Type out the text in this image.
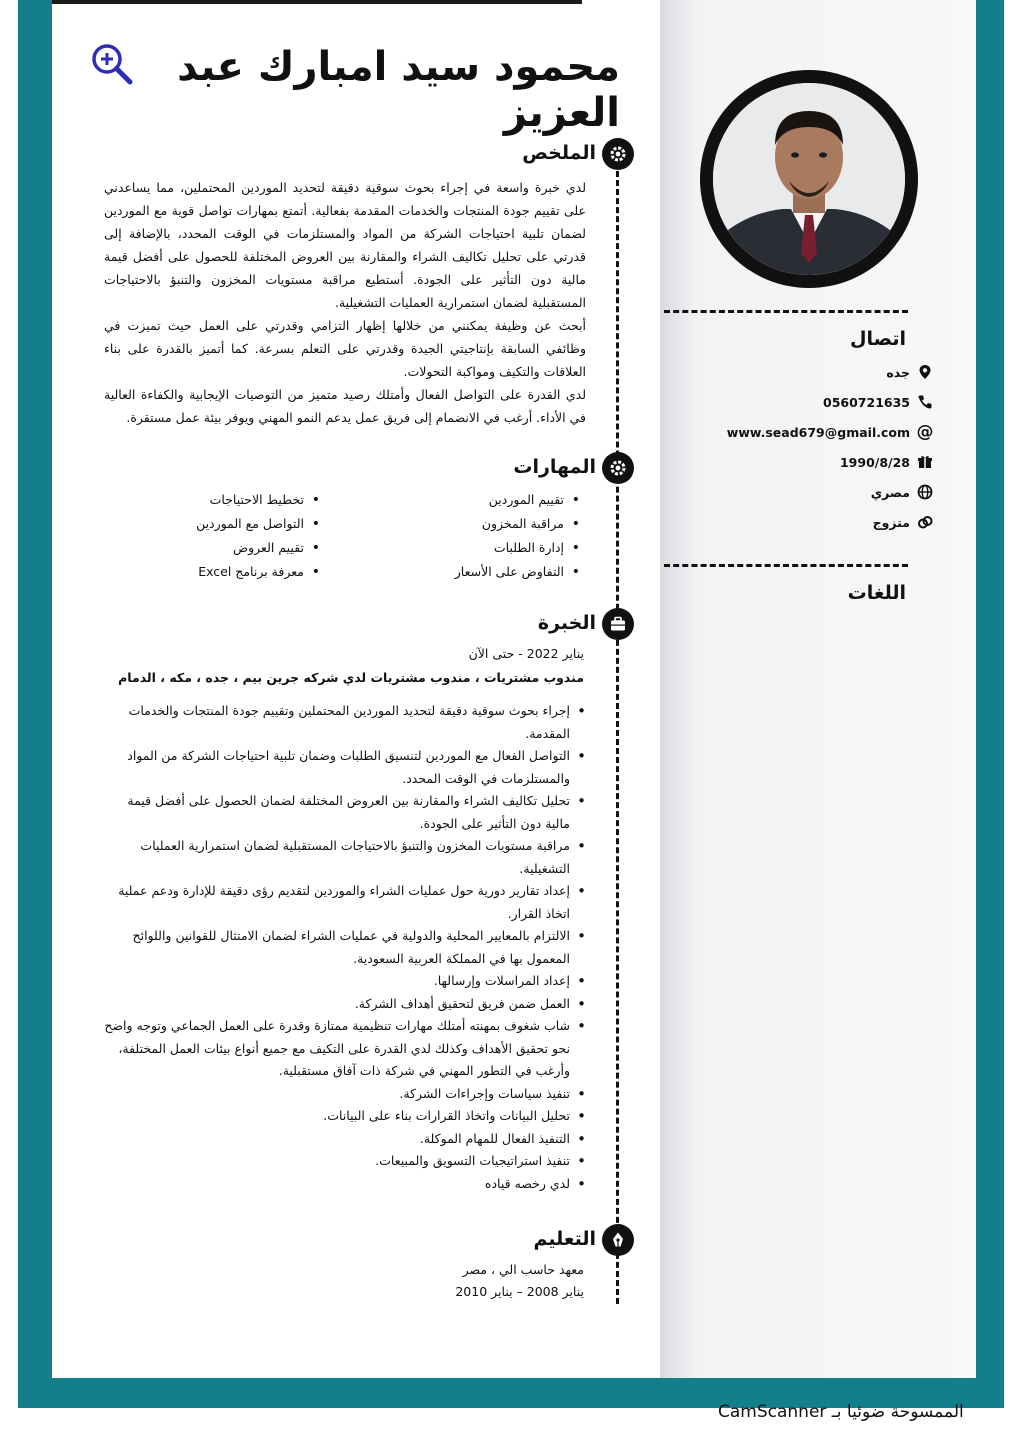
اتصال
جده
0560721635
@
www.sead679@gmail.com
1990/8/28
مصري
متزوج
اللغات
محمود سيد امبارك عبد العزيز
الملخص
لدي خبرة واسعة في إجراء بحوث سوقية دقيقة لتحديد الموردين المحتملين، مما يساعدني على تقييم جودة المنتجات والخدمات المقدمة بفعالية. أتمتع بمهارات تواصل قوية مع الموردين لضمان تلبية احتياجات الشركة من المواد والمستلزمات في الوقت المحدد، بالإضافة إلى قدرتي على تحليل تكاليف الشراء والمقارنة بين العروض المختلفة للحصول على أفضل قيمة مالية دون التأثير على الجودة. أستطيع مراقبة مستويات المخزون والتنبؤ بالاحتياجات المستقبلية لضمان استمرارية العمليات التشغيلية.
أبحث عن وظيفة يمكنني من خلالها إظهار التزامي وقدرتي على العمل حيث تميزت في وظائفي السابقة بإنتاجيتي الجيدة وقدرتي على التعلم بسرعة. كما أتميز بالقدرة على بناء العلاقات والتكيف ومواكبة التحولات.
لدي القدرة على التواصل الفعال وأمتلك رصيد متميز من التوصيات الإيجابية والكفاءة العالية في الأداء. أرغب في الانضمام إلى فريق عمل يدعم النمو المهني ويوفر بيئة عمل مستقرة.
المهارات
• تقييم الموردين
• مراقبة المخزون
• إدارة الطلبات
• التفاوض على الأسعار
• تخطيط الاحتياجات
• التواصل مع الموردين
• تقييم العروض
• معرفة برنامج Excel
الخبرة
يناير 2022 - حتى الآن
مندوب مشتريات ، مندوب مشتريات لدي شركه جرين بيم ، جده ، مكه ، الدمام
• إجراء بحوث سوقية دقيقة لتحديد الموردين المحتملين وتقييم جودة المنتجات والخدمات المقدمة.
• التواصل الفعال مع الموردين لتنسيق الطلبات وضمان تلبية احتياجات الشركة من المواد والمستلزمات في الوقت المحدد.
• تحليل تكاليف الشراء والمقارنة بين العروض المختلفة لضمان الحصول على أفضل قيمة مالية دون التأثير على الجودة.
• مراقبة مستويات المخزون والتنبؤ بالاحتياجات المستقبلية لضمان استمرارية العمليات التشغيلية.
• إعداد تقارير دورية حول عمليات الشراء والموردين لتقديم رؤى دقيقة للإدارة ودعم عملية اتخاذ القرار.
• الالتزام بالمعايير المحلية والدولية في عمليات الشراء لضمان الامتثال للقوانين واللوائح المعمول بها في المملكة العربية السعودية.
• إعداد المراسلات وإرسالها.
• العمل ضمن فريق لتحقيق أهداف الشركة.
• شاب شغوف بمهنته أمتلك مهارات تنظيمية ممتازة وقدرة على العمل الجماعي وتوجه واضح نحو تحقيق الأهداف وكذلك لدي القدرة على التكيف مع جميع أنواع بيئات العمل المختلفة، وأرغب في التطور المهني في شركة ذات آفاق مستقبلية.
• تنفيذ سياسات وإجراءات الشركة.
• تحليل البيانات واتخاذ القرارات بناء على البيانات.
• التنفيذ الفعال للمهام الموكلة.
• تنفيذ استراتيجيات التسويق والمبيعات.
• لدي رخصه قياده
التعليم
معهد حاسب الي ، مصر
يناير 2008 – يناير 2010
الممسوحة ضوئيا بـ CamScanner
